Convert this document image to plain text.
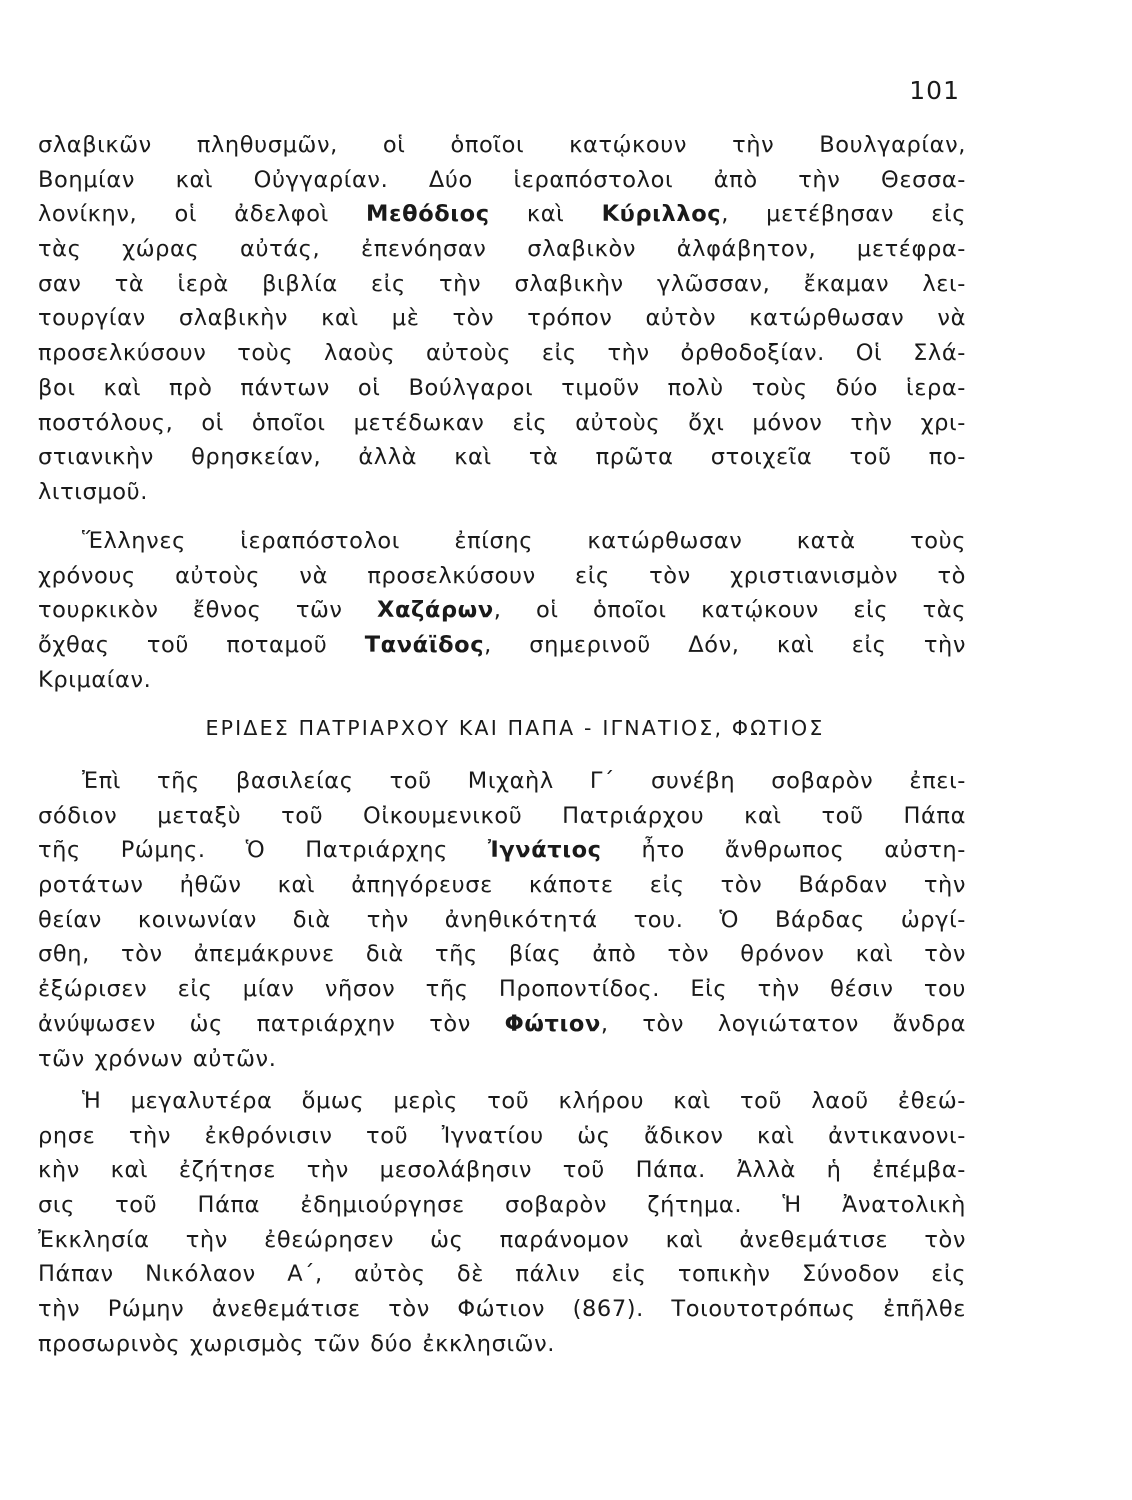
101
σλαβικῶν πληθυσμῶν, οἱ ὁποῖοι κατῴκουν τὴν Βουλγαρίαν,
Βοημίαν καὶ Οὐγγαρίαν. Δύο ἱεραπόστολοι ἀπὸ τὴν Θεσσα-
λονίκην, οἱ ἀδελφοὶ Μεθόδιος καὶ Κύριλλος, μετέβησαν εἰς
τὰς χώρας αὐτάς, ἐπενόησαν σλαβικὸν ἀλφάβητον, μετέφρα-
σαν τὰ ἱερὰ βιβλία εἰς τὴν σλαβικὴν γλῶσσαν, ἔκαμαν λει-
τουργίαν σλαβικὴν καὶ μὲ τὸν τρόπον αὐτὸν κατώρθωσαν νὰ
προσελκύσουν τοὺς λαοὺς αὐτοὺς εἰς τὴν ὀρθοδοξίαν. Οἱ Σλά-
βοι καὶ πρὸ πάντων οἱ Βούλγαροι τιμοῦν πολὺ τοὺς δύο ἱερα-
ποστόλους, οἱ ὁποῖοι μετέδωκαν εἰς αὐτοὺς ὄχι μόνον τὴν χρι-
στιανικὴν θρησκείαν, ἀλλὰ καὶ τὰ πρῶτα στοιχεῖα τοῦ πο-
λιτισμοῦ.
Ἕλληνες ἱεραπόστολοι ἐπίσης κατώρθωσαν κατὰ τοὺς
χρόνους αὐτοὺς νὰ προσελκύσουν εἰς τὸν χριστιανισμὸν τὸ
τουρκικὸν ἔθνος τῶν Χαζάρων, οἱ ὁποῖοι κατῴκουν εἰς τὰς
ὄχθας τοῦ ποταμοῦ Τανάϊδος, σημερινοῦ Δόν, καὶ εἰς τὴν
Κριμαίαν.
ΕΡΙΔΕΣ ΠΑΤΡΙΑΡΧΟΥ ΚΑΙ ΠΑΠΑ - ΙΓΝΑΤΙΟΣ, ΦΩΤΙΟΣ
Ἐπὶ τῆς βασιλείας τοῦ Μιχαὴλ Γ΄ συνέβη σοβαρὸν ἐπει-
σόδιον μεταξὺ τοῦ Οἰκουμενικοῦ Πατριάρχου καὶ τοῦ Πάπα
τῆς Ρώμης. Ὁ Πατριάρχης Ἰγνάτιος ἦτο ἄνθρωπος αὐστη-
ροτάτων ἠθῶν καὶ ἀπηγόρευσε κάποτε εἰς τὸν Βάρδαν τὴν
θείαν κοινωνίαν διὰ τὴν ἀνηθικότητά του. Ὁ Βάρδας ὠργί-
σθη, τὸν ἀπεμάκρυνε διὰ τῆς βίας ἀπὸ τὸν θρόνον καὶ τὸν
ἐξώρισεν εἰς μίαν νῆσον τῆς Προποντίδος. Εἰς τὴν θέσιν του
ἀνύψωσεν ὡς πατριάρχην τὸν Φώτιον, τὸν λογιώτατον ἄνδρα
τῶν χρόνων αὐτῶν.
Ἡ μεγαλυτέρα ὅμως μερὶς τοῦ κλήρου καὶ τοῦ λαοῦ ἐθεώ-
ρησε τὴν ἐκθρόνισιν τοῦ Ἰγνατίου ὡς ἄδικον καὶ ἀντικανονι-
κὴν καὶ ἐζήτησε τὴν μεσολάβησιν τοῦ Πάπα. Ἀλλὰ ἡ ἐπέμβα-
σις τοῦ Πάπα ἐδημιούργησε σοβαρὸν ζήτημα. Ἡ Ἀνατολικὴ
Ἐκκλησία τὴν ἐθεώρησεν ὡς παράνομον καὶ ἀνεθεμάτισε τὸν
Πάπαν Νικόλαον Α΄, αὐτὸς δὲ πάλιν εἰς τοπικὴν Σύνοδον εἰς
τὴν Ρώμην ἀνεθεμάτισε τὸν Φώτιον (867). Τοιουτοτρόπως ἐπῆλθε
προσωρινὸς χωρισμὸς τῶν δύο ἐκκλησιῶν.
